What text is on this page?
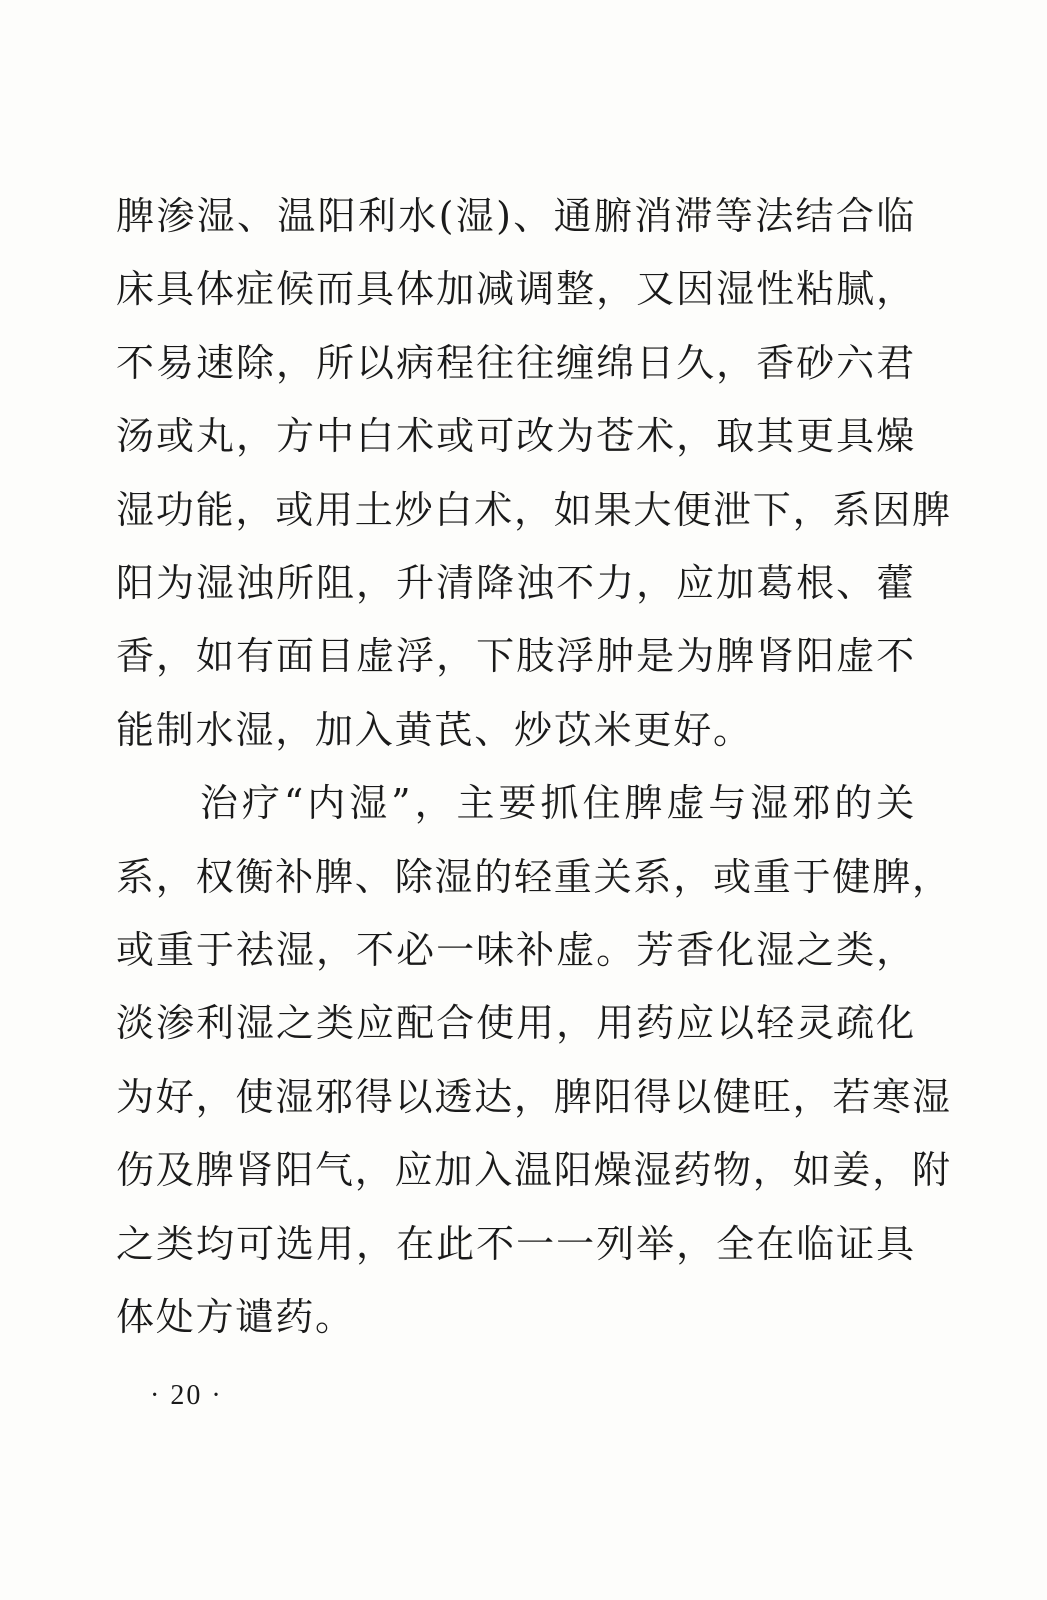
脾渗湿、温阳利水(湿)、通腑消滞等法结合临
床具体症候而具体加减调整，又因湿性粘腻，
不易速除，所以病程往往缠绵日久，香砂六君
汤或丸，方中白术或可改为苍术，取其更具燥
湿功能，或用土炒白术，如果大便泄下，系因脾
阳为湿浊所阻，升清降浊不力，应加葛根、藿
香，如有面目虚浮，下肢浮肿是为脾肾阳虚不
能制水湿，加入黄芪、炒苡米更好。

　　治疗“内湿”，主要抓住脾虚与湿邪的关
系，权衡补脾、除湿的轻重关系，或重于健脾，
或重于祛湿，不必一味补虚。芳香化湿之类，
淡渗利湿之类应配合使用，用药应以轻灵疏化
为好，使湿邪得以透达，脾阳得以健旺，若寒湿
伤及脾肾阳气，应加入温阳燥湿药物，如姜，附
之类均可选用，在此不一一列举，全在临证具
体处方谴药。

· 20 ·
